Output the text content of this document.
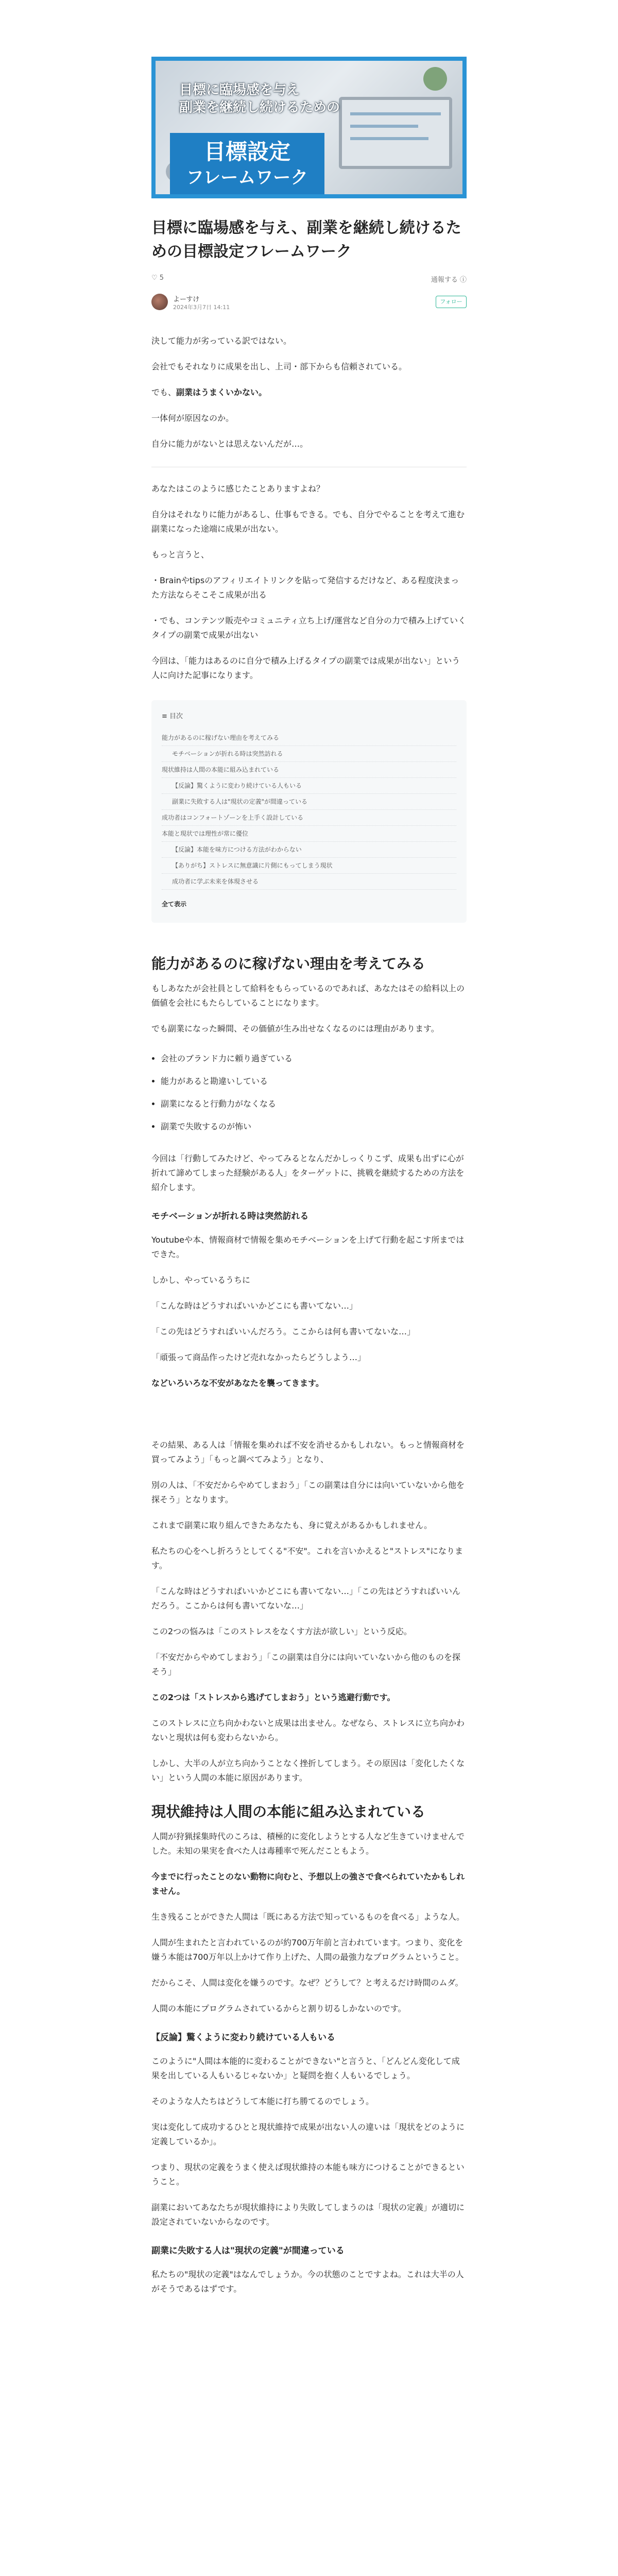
目標に臨場感を与え
副業を継続し続けるための
目標設定
フレームワーク
目標に臨場感を与え、副業を継続し続けるための目標設定フレームワーク
♡ 5	通報する ⓘ
よーすけ
2024年3月7日 14:11
フォロー

決して能力が劣っている訳ではない。

会社でもそれなりに成果を出し、上司・部下からも信頼されている。

でも、副業はうまくいかない。

一体何が原因なのか。

自分に能力がないとは思えないんだが…。

あなたはこのように感じたことありますよね？

自分はそれなりに能力があるし、仕事もできる。でも、自分でやることを考えて進む副業になった途端に成果が出ない。

もっと言うと、

・Brainやtipsのアフィリエイトリンクを貼って発信するだけなど、ある程度決まった方法ならそこそこ成果が出る

・でも、コンテンツ販売やコミュニティ立ち上げ/運営など自分の力で積み上げていくタイプの副業で成果が出ない

今回は、「能力はあるのに自分で積み上げるタイプの副業では成果が出ない」という人に向けた記事になります。

≡ 目次
能力があるのに稼げない理由を考えてみる
モチベーションが折れる時は突然訪れる
現状維持は人間の本能に組み込まれている
【反論】驚くように変わり続けている人もいる
副業に失敗する人は"現状の定義"が間違っている
成功者はコンフォートゾーンを上手く設計している
本能と現状では理性が常に優位
【反論】本能を味方につける方法がわからない
【ありがち】ストレスに無意識に片側にもってしまう現状
成功者に学ぶ未来を体現させる
全て表示
能力があるのに稼げない理由を考えてみる

もしあなたが会社員として給料をもらっているのであれば、あなたはその給料以上の価値を会社にもたらしていることになります。

でも副業になった瞬間、その価値が生み出せなくなるのには理由があります。

• 会社のブランド力に頼り過ぎている
• 能力があると勘違いしている
• 副業になると行動力がなくなる
• 副業で失敗するのが怖い

今回は「行動してみたけど、やってみるとなんだかしっくりこず、成果も出ずに心が折れて諦めてしまった経験がある人」をターゲットに、挑戦を継続するための方法を紹介します。

モチベーションが折れる時は突然訪れる

Youtubeや本、情報商材で情報を集めモチベーションを上げて行動を起こす所まではできた。

しかし、やっているうちに

「こんな時はどうすればいいかどこにも書いてない…」

「この先はどうすればいいんだろう。ここからは何も書いてないな…」

「頑張って商品作ったけど売れなかったらどうしよう…」

などいろいろな不安があなたを襲ってきます。

その結果、ある人は「情報を集めれば不安を消せるかもしれない。もっと情報商材を買ってみよう」「もっと調べてみよう」となり、

別の人は、「不安だからやめてしまおう」「この副業は自分には向いていないから他を探そう」となります。

これまで副業に取り組んできたあなたも、身に覚えがあるかもしれません。

私たちの心をへし折ろうとしてくる"不安"。これを言いかえると"ストレス"になります。

「こんな時はどうすればいいかどこにも書いてない…」「この先はどうすればいいんだろう。ここからは何も書いてないな…」

この2つの悩みは「このストレスをなくす方法が欲しい」という反応。

「不安だからやめてしまおう」「この副業は自分には向いていないから他のものを探そう」

この2つは「ストレスから逃げてしまおう」という逃避行動です。

このストレスに立ち向かわないと成果は出ません。なぜなら、ストレスに立ち向かわないと現状は何も変わらないから。

しかし、大半の人が立ち向かうことなく挫折してしまう。その原因は「変化したくない」という人間の本能に原因があります。

現状維持は人間の本能に組み込まれている

人間が狩猟採集時代のころは、積極的に変化しようとする人など生きていけませんでした。未知の果実を食べた人は毒種率で死んだこともよう。

今までに行ったことのない動物に向むと、予想以上の強さで食べられていたかもしれません。

生き残ることができた人間は「既にある方法で知っているものを食べる」ような人。

人間が生まれたと言われているのが約700万年前と言われています。つまり、変化を嫌う本能は700万年以上かけて作り上げた、人間の最強力なプログラムということ。

だからこそ、人間は変化を嫌うのです。なぜ？どうして？と考えるだけ時間のムダ。

人間の本能にプログラムされているからと割り切るしかないのです。

【反論】驚くように変わり続けている人もいる

このように"人間は本能的に変わることができない"と言うと、「どんどん変化して成果を出している人もいるじゃないか」と疑問を抱く人もいるでしょう。

そのような人たちはどうして本能に打ち勝てるのでしょう。

実は変化して成功するひとと現状維持で成果が出ない人の違いは「現状をどのように定義しているか」。

つまり、現状の定義をうまく使えば現状維持の本能も味方につけることができるということ。

副業においてあなたちが現状維持により失敗してしまうのは「現状の定義」が適切に設定されていないからなのです。

副業に失敗する人は"現状の定義"が間違っている

私たちの"現状の定義"はなんでしょうか。今の状態のことですよね。これは大半の人がそうであるはずです。
